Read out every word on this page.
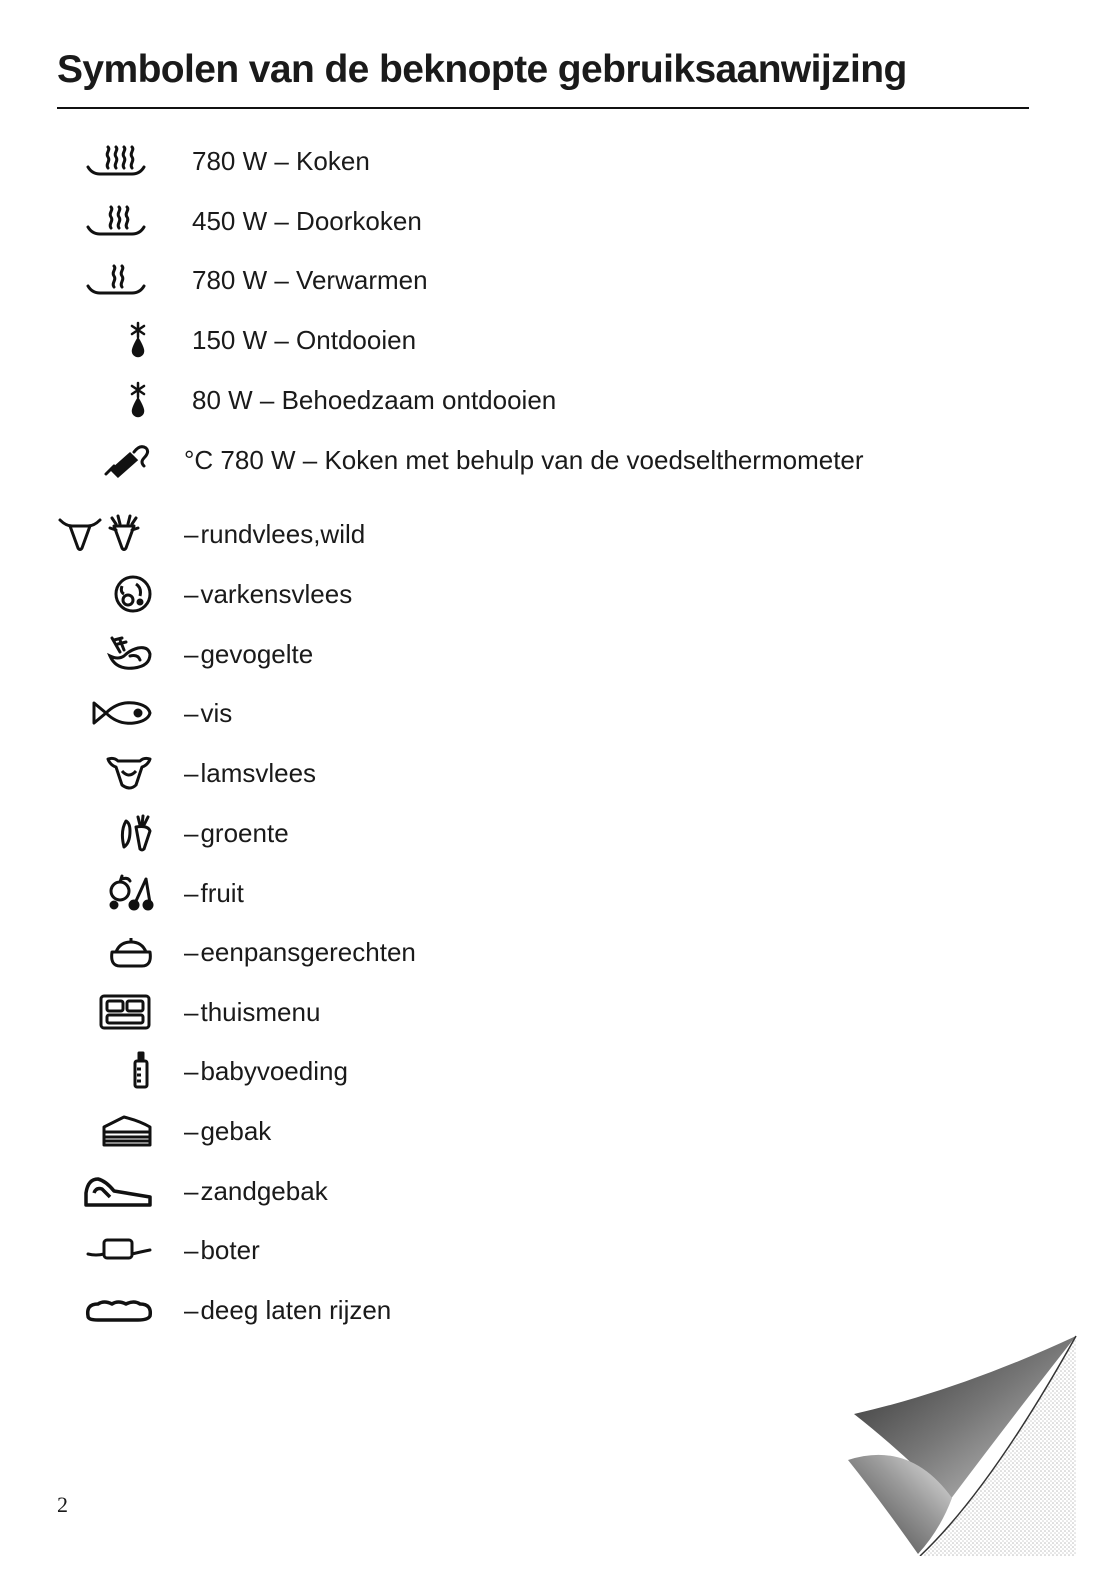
Symbolen van de beknopte gebruiksaanwijzing
780 W – Koken
450 W – Doorkoken
780 W – Verwarmen
150 W – Ontdooien
80 W – Behoedzaam ontdooien
°C 780 W – Koken met behulp van de voedselthermometer
–rundvlees,wild
–varkensvlees
–gevogelte
–vis
–lamsvlees
–groente
–fruit
–eenpansgerechten
–thuismenu
–babyvoeding
–gebak
–zandgebak
–boter
–deeg laten rijzen
2
